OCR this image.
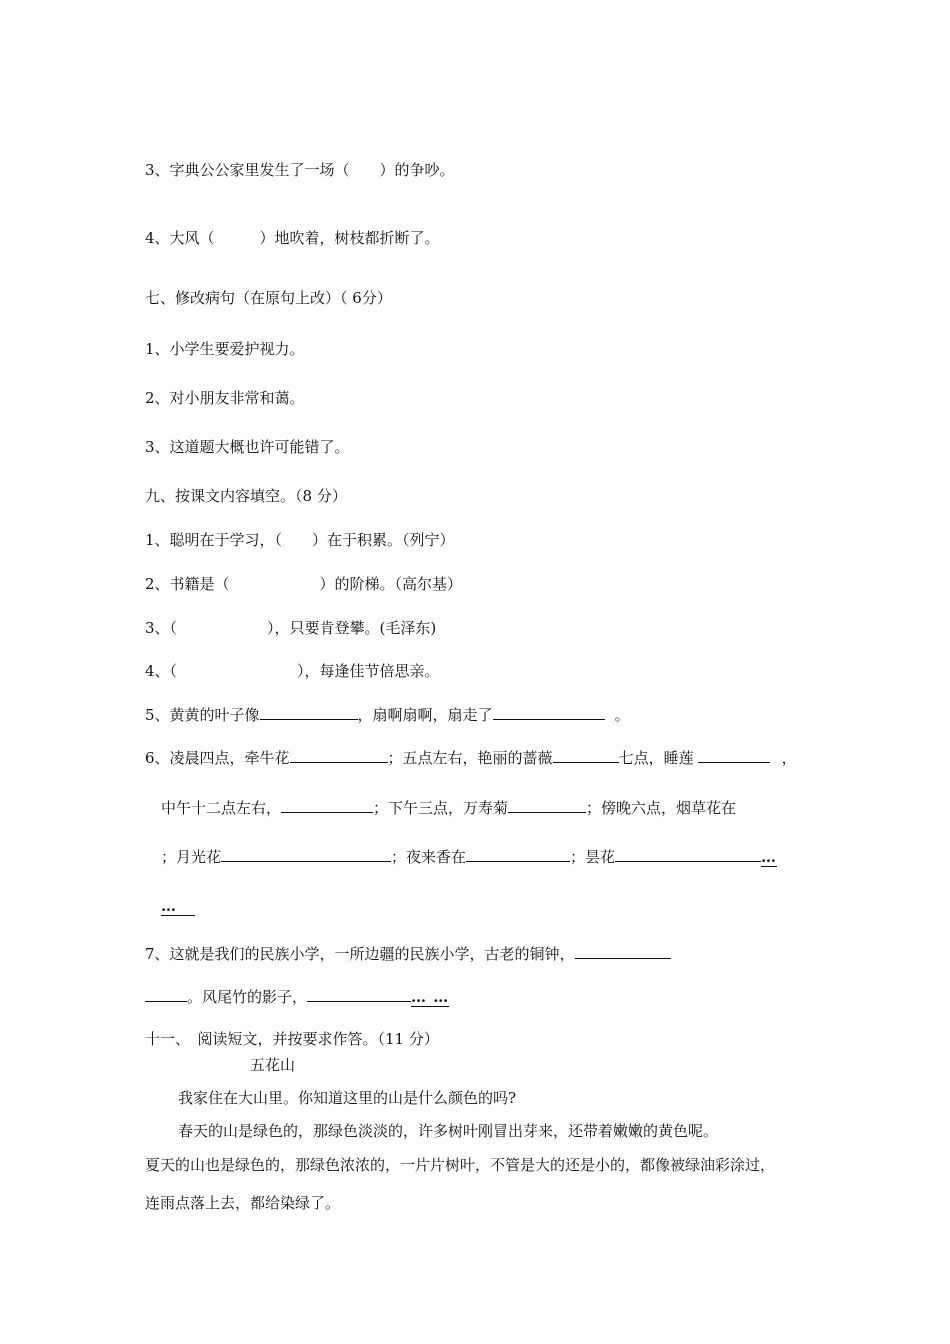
3、字典公公家里发生了一场（　　）的争吵。
4、大风（　　　）地吹着，树枝都折断了。
七、修改病句（在原句上改）（ 6分）
1、小学生要爱护视力。
2、对小朋友非常和蔼。
3、这道题大概也许可能错了。
九、按课文内容填空。（8 分）
1、聪明在于学习，（　　）在于积累。（列宁）
2、书籍是（　　　　　　）的阶梯。（高尔基）
3、（　　　　　　），只要肯登攀。(毛泽东)
4、（　　　　　　　　），每逢佳节倍思亲。
5、黄黄的叶子像	，扇啊扇啊，扇走了	。
6、凌晨四点，牵牛花	；五点左右，艳丽的蔷薇	七点，睡莲	，
中午十二点左右，	；下午三点，万寿菊	；傍晚六点，烟草花在
；月光花	；夜来香在	；昙花	…
…
7、这就是我们的民族小学，一所边疆的民族小学，古老的铜钟，
。风尾竹的影子，	… …
十一、　阅读短文，并按要求作答。（11 分）
五花山
我家住在大山里。你知道这里的山是什么颜色的吗?
春天的山是绿色的，那绿色淡淡的，许多树叶刚冒出芽来，还带着嫩嫩的黄色呢。
夏天的山也是绿色的，那绿色浓浓的，一片片树叶，不管是大的还是小的，都像被绿油彩涂过，
连雨点落上去，都给染绿了。
